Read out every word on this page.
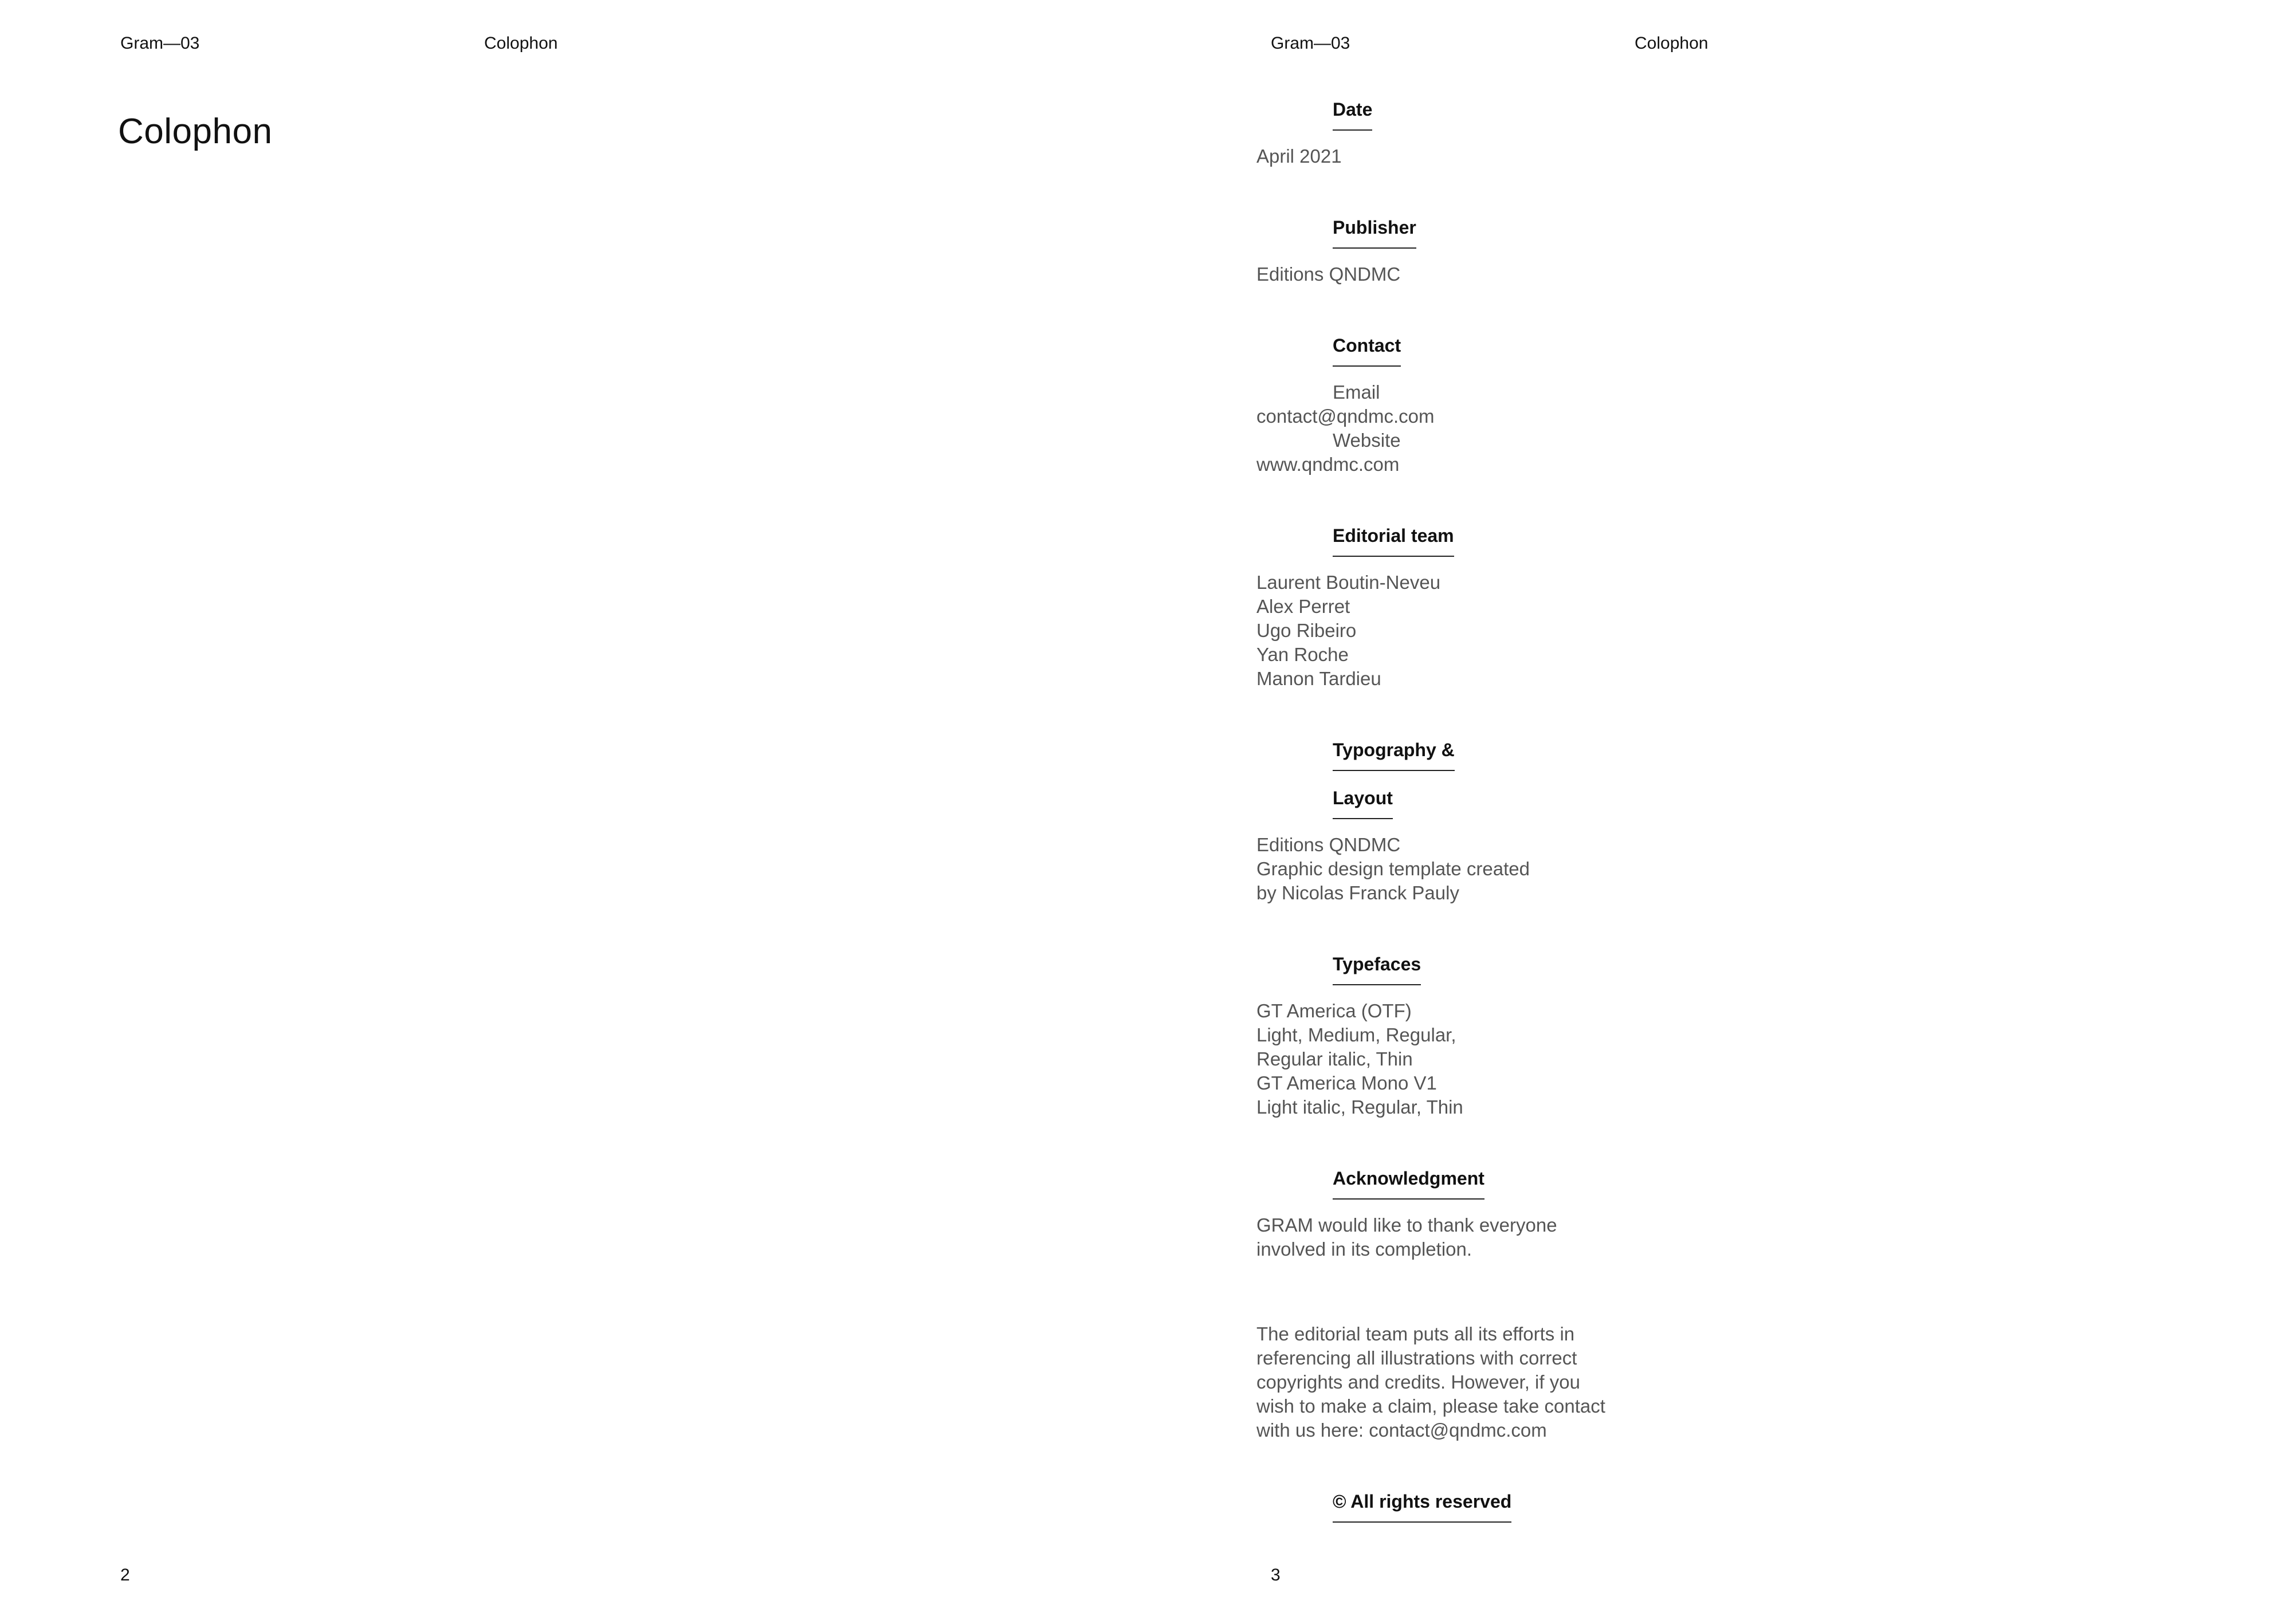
Gram—03	Colophon
Colophon
2
Gram—03	Colophon
Date
April 2021
Publisher
Editions QNDMC
Contact
Email
contact@qndmc.com
Website
www.qndmc.com
Editorial team
Laurent Boutin-Neveu
Alex Perret
Ugo Ribeiro
Yan Roche
Manon Tardieu
Typography &
Layout
Editions QNDMC
Graphic design template created
by Nicolas Franck Pauly
Typefaces
GT America (OTF)
Light, Medium, Regular,
Regular italic, Thin
GT America Mono V1
Light italic, Regular, Thin
Acknowledgment
GRAM would like to thank everyone
involved in its completion.
The editorial team puts all its efforts in
referencing all illustrations with correct
copyrights and credits. However, if you
wish to make a claim, please take contact
with us here: contact@qndmc.com
© All rights reserved
3
